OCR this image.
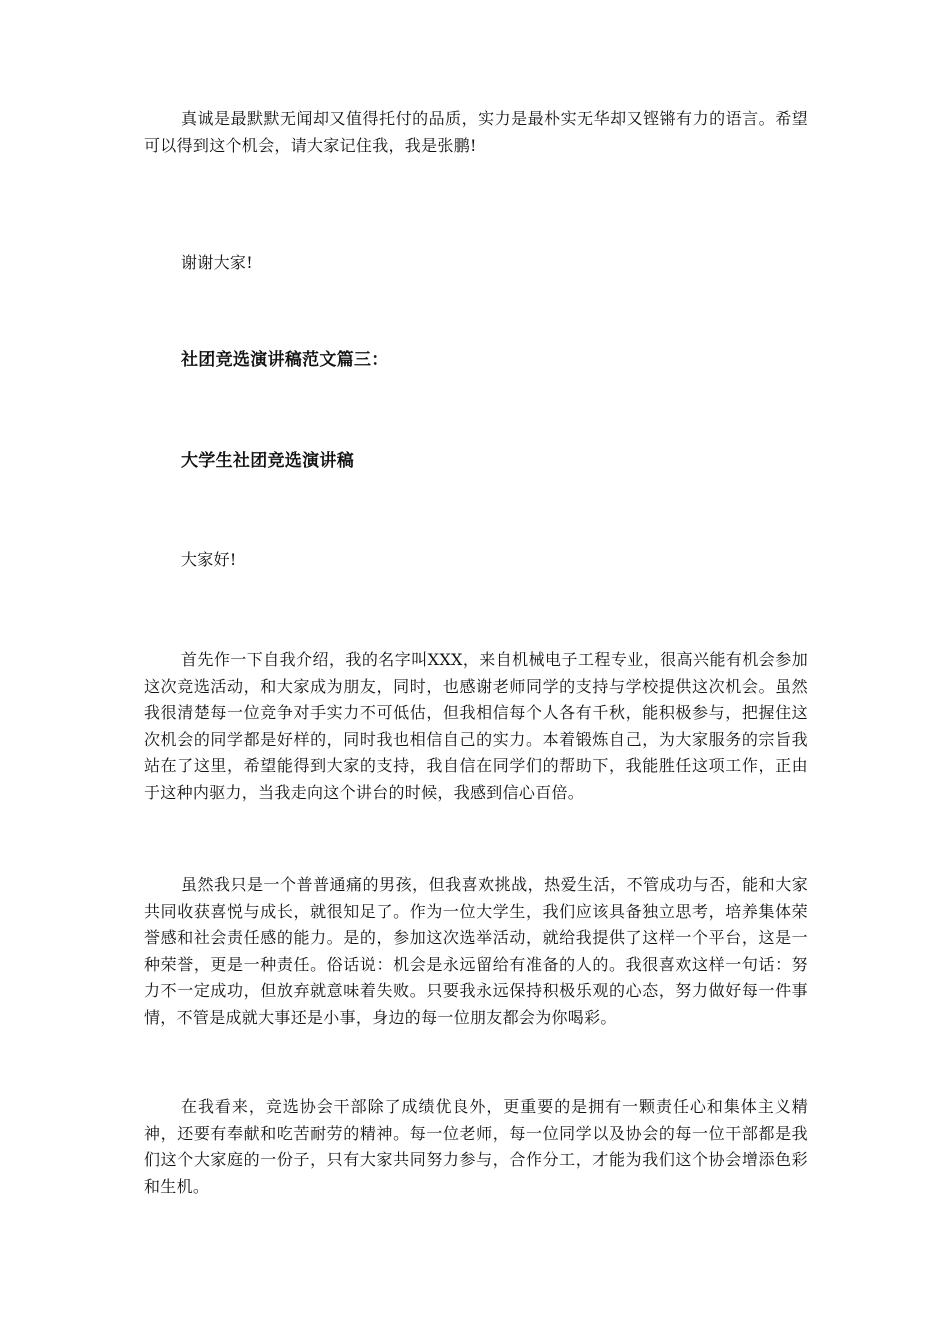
真诚是最默默无闻却又值得托付的品质，实力是最朴实无华却又铿锵有力的语言。希望可以得到这个机会，请大家记住我，我是张鹏!

谢谢大家!
社团竞选演讲稿范文篇三：
大学生社团竞选演讲稿
大家好!

首先作一下自我介绍，我的名字叫XXX，来自机械电子工程专业，很高兴能有机会参加这次竞选活动，和大家成为朋友，同时，也感谢老师同学的支持与学校提供这次机会。虽然我很清楚每一位竞争对手实力不可低估，但我相信每个人各有千秋，能积极参与，把握住这次机会的同学都是好样的，同时我也相信自己的实力。本着锻炼自己，为大家服务的宗旨我站在了这里，希望能得到大家的支持，我自信在同学们的帮助下，我能胜任这项工作，正由于这种内驱力，当我走向这个讲台的时候，我感到信心百倍。

虽然我只是一个普普通痛的男孩，但我喜欢挑战，热爱生活，不管成功与否，能和大家共同收获喜悦与成长，就很知足了。作为一位大学生，我们应该具备独立思考，培养集体荣誉感和社会责任感的能力。是的，参加这次选举活动，就给我提供了这样一个平台，这是一种荣誉，更是一种责任。俗话说：机会是永远留给有准备的人的。我很喜欢这样一句话：努力不一定成功，但放弃就意味着失败。只要我永远保持积极乐观的心态，努力做好每一件事情，不管是成就大事还是小事，身边的每一位朋友都会为你喝彩。

在我看来，竞选协会干部除了成绩优良外，更重要的是拥有一颗责任心和集体主义精神，还要有奉献和吃苦耐劳的精神。每一位老师，每一位同学以及协会的每一位干部都是我们这个大家庭的一份子，只有大家共同努力参与，合作分工，才能为我们这个协会增添色彩和生机。
